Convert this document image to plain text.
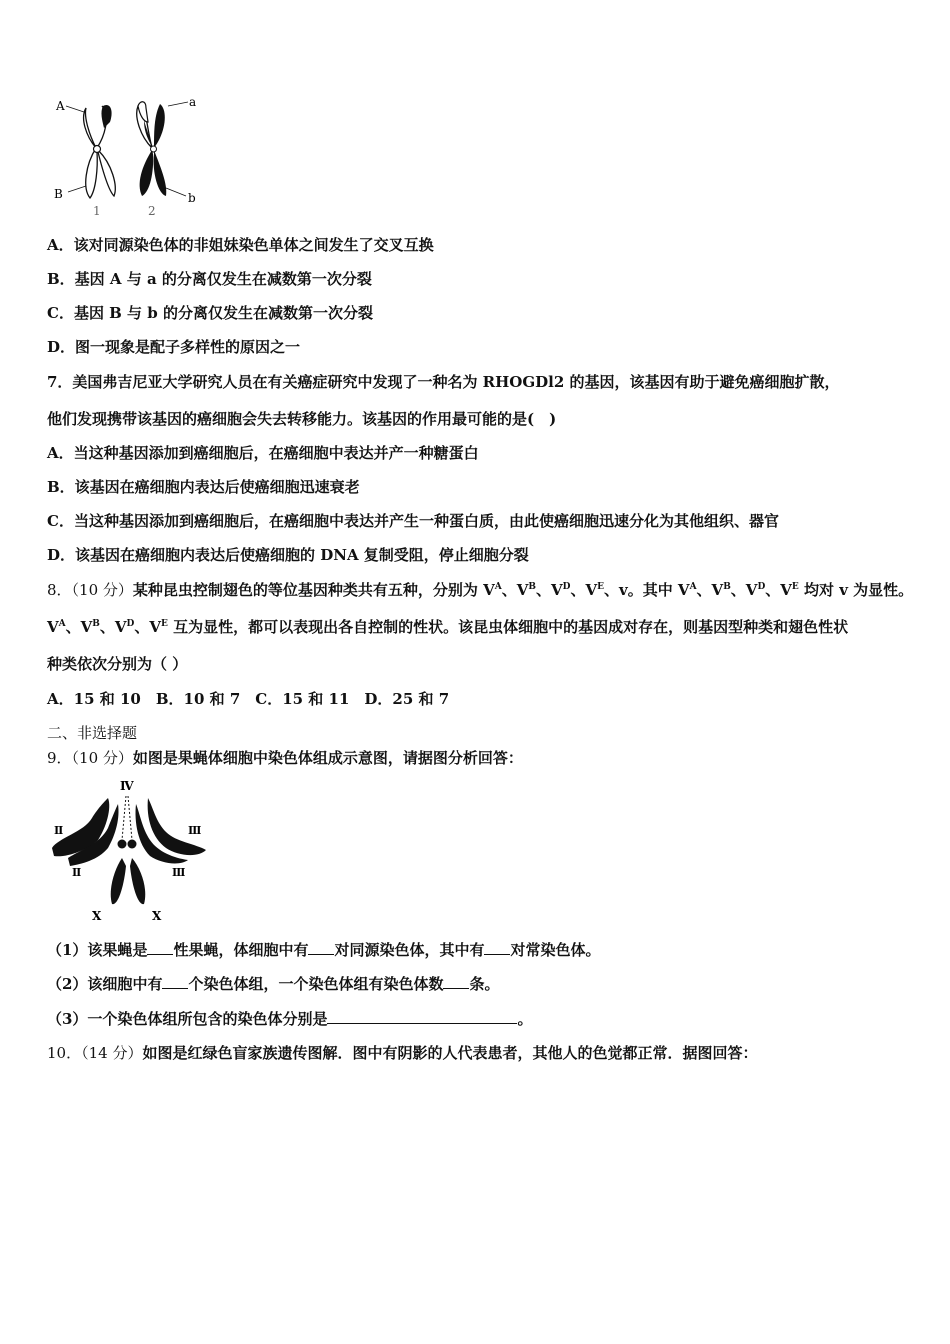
A	a
B	b
1	2
A．该对同源染色体的非姐妹染色单体之间发生了交叉互换
B．基因 A 与 a 的分离仅发生在减数第一次分裂
C．基因 B 与 b 的分离仅发生在减数第一次分裂
D．图一现象是配子多样性的原因之一
7．美国弗吉尼亚大学研究人员在有关癌症研究中发现了一种名为 RHOGDl2 的基因，该基因有助于避免癌细胞扩散，
他们发现携带该基因的癌细胞会失去转移能力。该基因的作用最可能的是(　)
A．当这种基因添加到癌细胞后，在癌细胞中表达并产一种糖蛋白
B．该基因在癌细胞内表达后使癌细胞迅速衰老
C．当这种基因添加到癌细胞后，在癌细胞中表达并产生一种蛋白质，由此使癌细胞迅速分化为其他组织、器官
D．该基因在癌细胞内表达后使癌细胞的 DNA 复制受阻，停止细胞分裂
8．（10 分）某种昆虫控制翅色的等位基因种类共有五种，分别为 $V^A$、$V^B$、$V^D$、$V^E$、v。其中 $V^A$、$V^B$、$V^D$、$V^E$ 均对 v 为显性。
$V^A$、$V^B$、$V^D$、$V^E$ 互为显性，都可以表现出各自控制的性状。该昆虫体细胞中的基因成对存在，则基因型种类和翅色性状
种类依次分别为（ ）
A．15 和 10　B．10 和 7　C．15 和 11　D．25 和 7
二、非选择题
9．（10 分）如图是果蝇体细胞中染色体组成示意图，请据图分析回答：
Ⅳ
Ⅱ	Ⅲ
Ⅱ	Ⅲ
X	X
（1）该果蝇是 性果蝇，体细胞中有 对同源染色体，其中有 对常染色体。
（2）该细胞中有 个染色体组，一个染色体组有染色体数 条。
（3）一个染色体组所包含的染色体分别是	。
10．（14 分）如图是红绿色盲家族遗传图解．图中有阴影的人代表患者，其他人的色觉都正常．据图回答：
